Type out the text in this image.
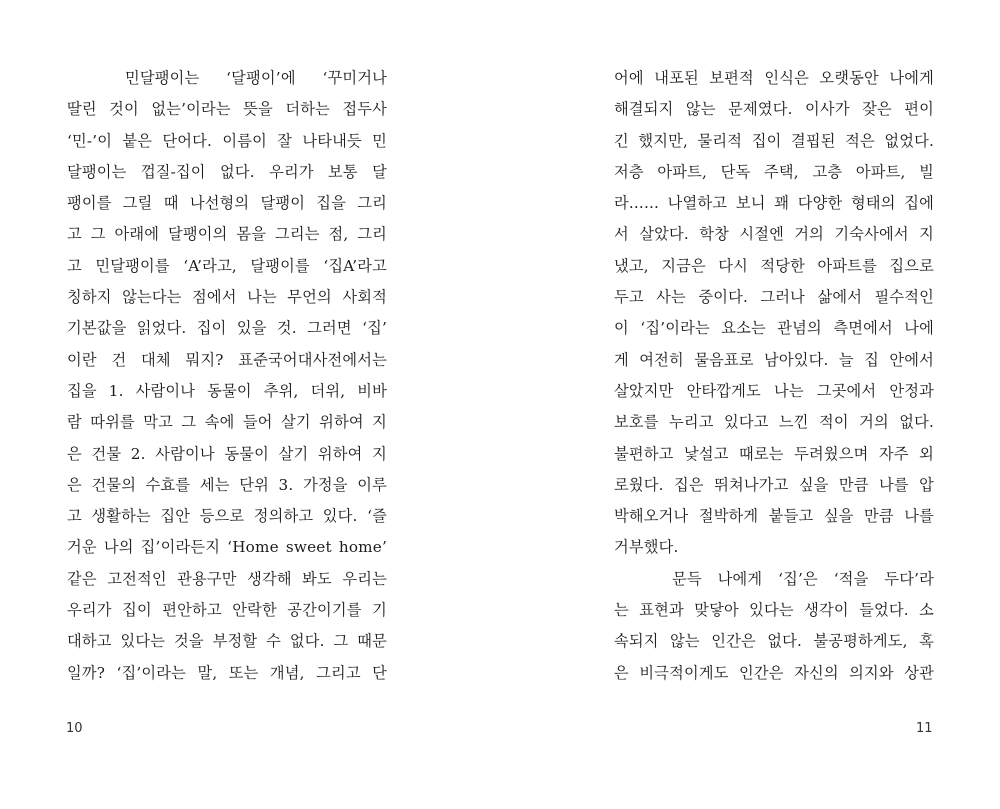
민달팽이는 ‘달팽이’에 ‘꾸미거나
딸린 것이 없는’이라는 뜻을 더하는 접두사
‘민-’이 붙은 단어다. 이름이 잘 나타내듯 민
달팽이는 껍질-집이 없다. 우리가 보통 달
팽이를 그릴 때 나선형의 달팽이 집을 그리
고 그 아래에 달팽이의 몸을 그리는 점, 그리
고 민달팽이를 ‘A’라고, 달팽이를 ‘집A’라고
칭하지 않는다는 점에서 나는 무언의 사회적
기본값을 읽었다. 집이 있을 것. 그러면 ‘집’
이란 건 대체 뭐지? 표준국어대사전에서는
집을 1. 사람이나 동물이 추위, 더위, 비바
람 따위를 막고 그 속에 들어 살기 위하여 지
은 건물 2. 사람이나 동물이 살기 위하여 지
은 건물의 수효를 세는 단위 3. 가정을 이루
고 생활하는 집안 등으로 정의하고 있다. ‘즐
거운 나의 집’이라든지 ‘Home sweet home’
같은 고전적인 관용구만 생각해 봐도 우리는
우리가 집이 편안하고 안락한 공간이기를 기
대하고 있다는 것을 부정할 수 없다. 그 때문
일까? ‘집’이라는 말, 또는 개념, 그리고 단
10
어에 내포된 보편적 인식은 오랫동안 나에게
해결되지 않는 문제였다. 이사가 잦은 편이
긴 했지만, 물리적 집이 결핍된 적은 없었다.
저층 아파트, 단독 주택, 고층 아파트, 빌
라...... 나열하고 보니 꽤 다양한 형태의 집에
서 살았다. 학창 시절엔 거의 기숙사에서 지
냈고, 지금은 다시 적당한 아파트를 집으로
두고 사는 중이다. 그러나 삶에서 필수적인
이 ‘집’이라는 요소는 관념의 측면에서 나에
게 여전히 물음표로 남아있다. 늘 집 안에서
살았지만 안타깝게도 나는 그곳에서 안정과
보호를 누리고 있다고 느낀 적이 거의 없다.
불편하고 낯설고 때로는 두려웠으며 자주 외
로웠다. 집은 뛰쳐나가고 싶을 만큼 나를 압
박해오거나 절박하게 붙들고 싶을 만큼 나를
거부했다.
문득 나에게 ‘집’은 ‘적을 두다’라
는 표현과 맞닿아 있다는 생각이 들었다. 소
속되지 않는 인간은 없다. 불공평하게도, 혹
은 비극적이게도 인간은 자신의 의지와 상관
11
